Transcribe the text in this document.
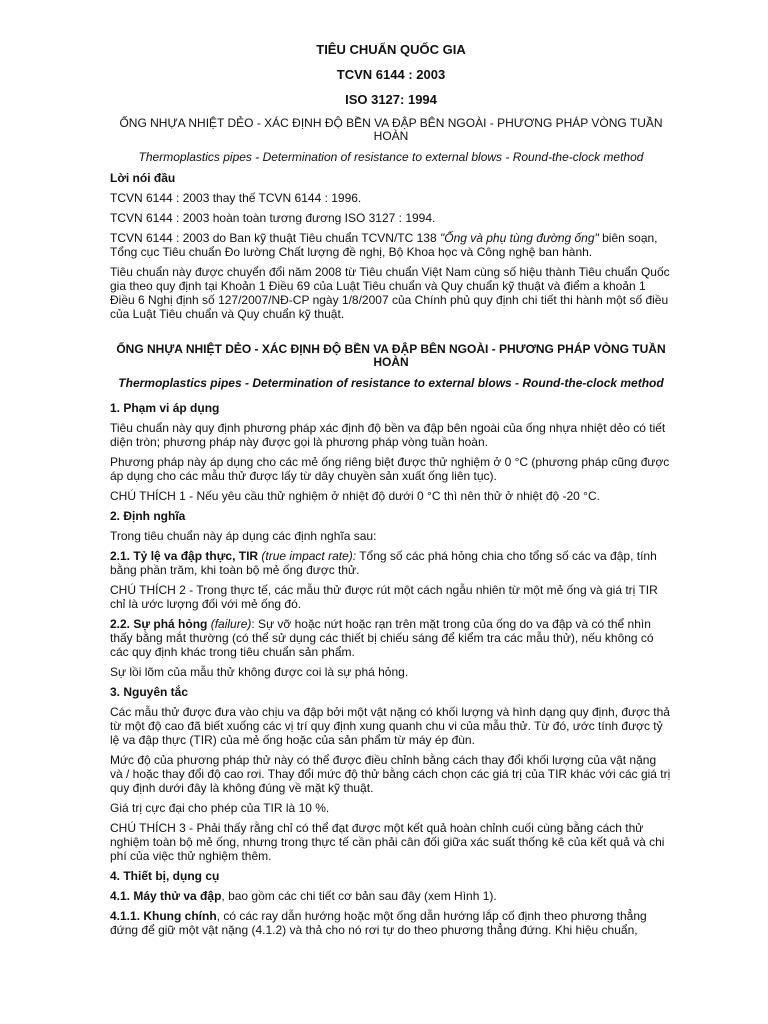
TIÊU CHUẨN QUỐC GIA
TCVN 6144 : 2003
ISO 3127: 1994
ỐNG NHỰA NHIỆT DẺO - XÁC ĐỊNH ĐỘ BỀN VA ĐẬP BÊN NGOÀI - PHƯƠNG PHÁP VÒNG TUẦN HOÀN
Thermoplastics pipes - Determination of resistance to external blows - Round-the-clock method
Lời nói đầu

TCVN 6144 : 2003 thay thế TCVN 6144 : 1996.

TCVN 6144 : 2003 hoàn toàn tương đương ISO 3127 : 1994.

TCVN 6144 : 2003 do Ban kỹ thuật Tiêu chuẩn TCVN/TC 138 "Ống và phụ tùng đường ống" biên soạn, Tổng cục Tiêu chuẩn Đo lường Chất lượng đề nghị, Bộ Khoa học và Công nghệ ban hành.

Tiêu chuẩn này được chuyển đổi năm 2008 từ Tiêu chuẩn Việt Nam cùng số hiệu thành Tiêu chuẩn Quốc gia theo quy định tại Khoản 1 Điều 69 của Luật Tiêu chuẩn và Quy chuẩn kỹ thuật và điểm a khoản 1 Điều 6 Nghị định số 127/2007/NĐ-CP ngày 1/8/2007 của Chính phủ quy định chi tiết thi hành một số điều của Luật Tiêu chuẩn và Quy chuẩn kỹ thuật.

ỐNG NHỰA NHIỆT DẺO - XÁC ĐỊNH ĐỘ BỀN VA ĐẬP BÊN NGOÀI - PHƯƠNG PHÁP VÒNG TUẦN HOÀN
Thermoplastics pipes - Determination of resistance to external blows - Round-the-clock method
1. Phạm vi áp dụng

Tiêu chuẩn này quy định phương pháp xác định độ bền va đập bên ngoài của ống nhựa nhiệt dẻo có tiết diện tròn; phương pháp này được gọi là phương pháp vòng tuần hoàn.

Phương pháp này áp dụng cho các mẻ ống riêng biệt được thử nghiệm ở 0 °C (phương pháp cũng được áp dụng cho các mẫu thử được lấy từ dây chuyền sản xuất ống liên tục).

CHÚ THÍCH 1 - Nếu yêu cầu thử nghiệm ở nhiệt độ dưới 0 °C thì nên thử ở nhiệt độ -20 °C.

2. Định nghĩa

Trong tiêu chuẩn này áp dụng các định nghĩa sau:

2.1. Tỷ lệ va đập thực, TIR (true impact rate): Tổng số các phá hỏng chia cho tổng số các va đập, tính bằng phần trăm, khi toàn bộ mẻ ống được thử.

CHÚ THÍCH 2 - Trong thực tế, các mẫu thử được rút một cách ngẫu nhiên từ một mẻ ống và giá trị TIR chỉ là ước lượng đối với mẻ ống đó.

2.2. Sự phá hỏng (failure): Sự vỡ hoặc nứt hoặc rạn trên mặt trong của ống do va đập và có thể nhìn thấy bằng mắt thường (có thể sử dụng các thiết bị chiếu sáng để kiểm tra các mẫu thử), nếu không có các quy định khác trong tiêu chuẩn sản phẩm.

Sự lồi lõm của mẫu thử không được coi là sự phá hỏng.

3. Nguyên tắc

Các mẫu thử được đưa vào chịu va đập bởi một vật nặng có khối lượng và hình dạng quy định, được thả từ một độ cao đã biết xuống các vị trí quy định xung quanh chu vi của mẫu thử. Từ đó, ước tính được tỷ lệ va đập thực (TIR) của mẻ ống hoặc của sản phẩm từ máy ép đùn.

Mức độ của phương pháp thử này có thể được điều chỉnh bằng cách thay đổi khối lượng của vật nặng và / hoặc thay đổi độ cao rơi. Thay đổi mức độ thử bằng cách chọn các giá trị của TIR khác với các giá trị quy định dưới đây là không đúng về mặt kỹ thuật.

Giá trị cực đại cho phép của TIR là 10 %.

CHÚ THÍCH 3 - Phải thấy rằng chỉ có thể đạt được một kết quả hoàn chỉnh cuối cùng bằng cách thử nghiệm toàn bộ mẻ ống, nhưng trong thực tế cần phải cân đối giữa xác suất thống kê của kết quả và chi phí của việc thử nghiệm thêm.

4. Thiết bị, dụng cụ

4.1. Máy thử va đập, bao gồm các chi tiết cơ bản sau đây (xem Hình 1).

4.1.1. Khung chính, có các ray dẫn hướng hoặc một ống dẫn hướng lắp cố định theo phương thẳng đứng để giữ một vật nặng (4.1.2) và thả cho nó rơi tự do theo phương thẳng đứng. Khi hiệu chuẩn,
